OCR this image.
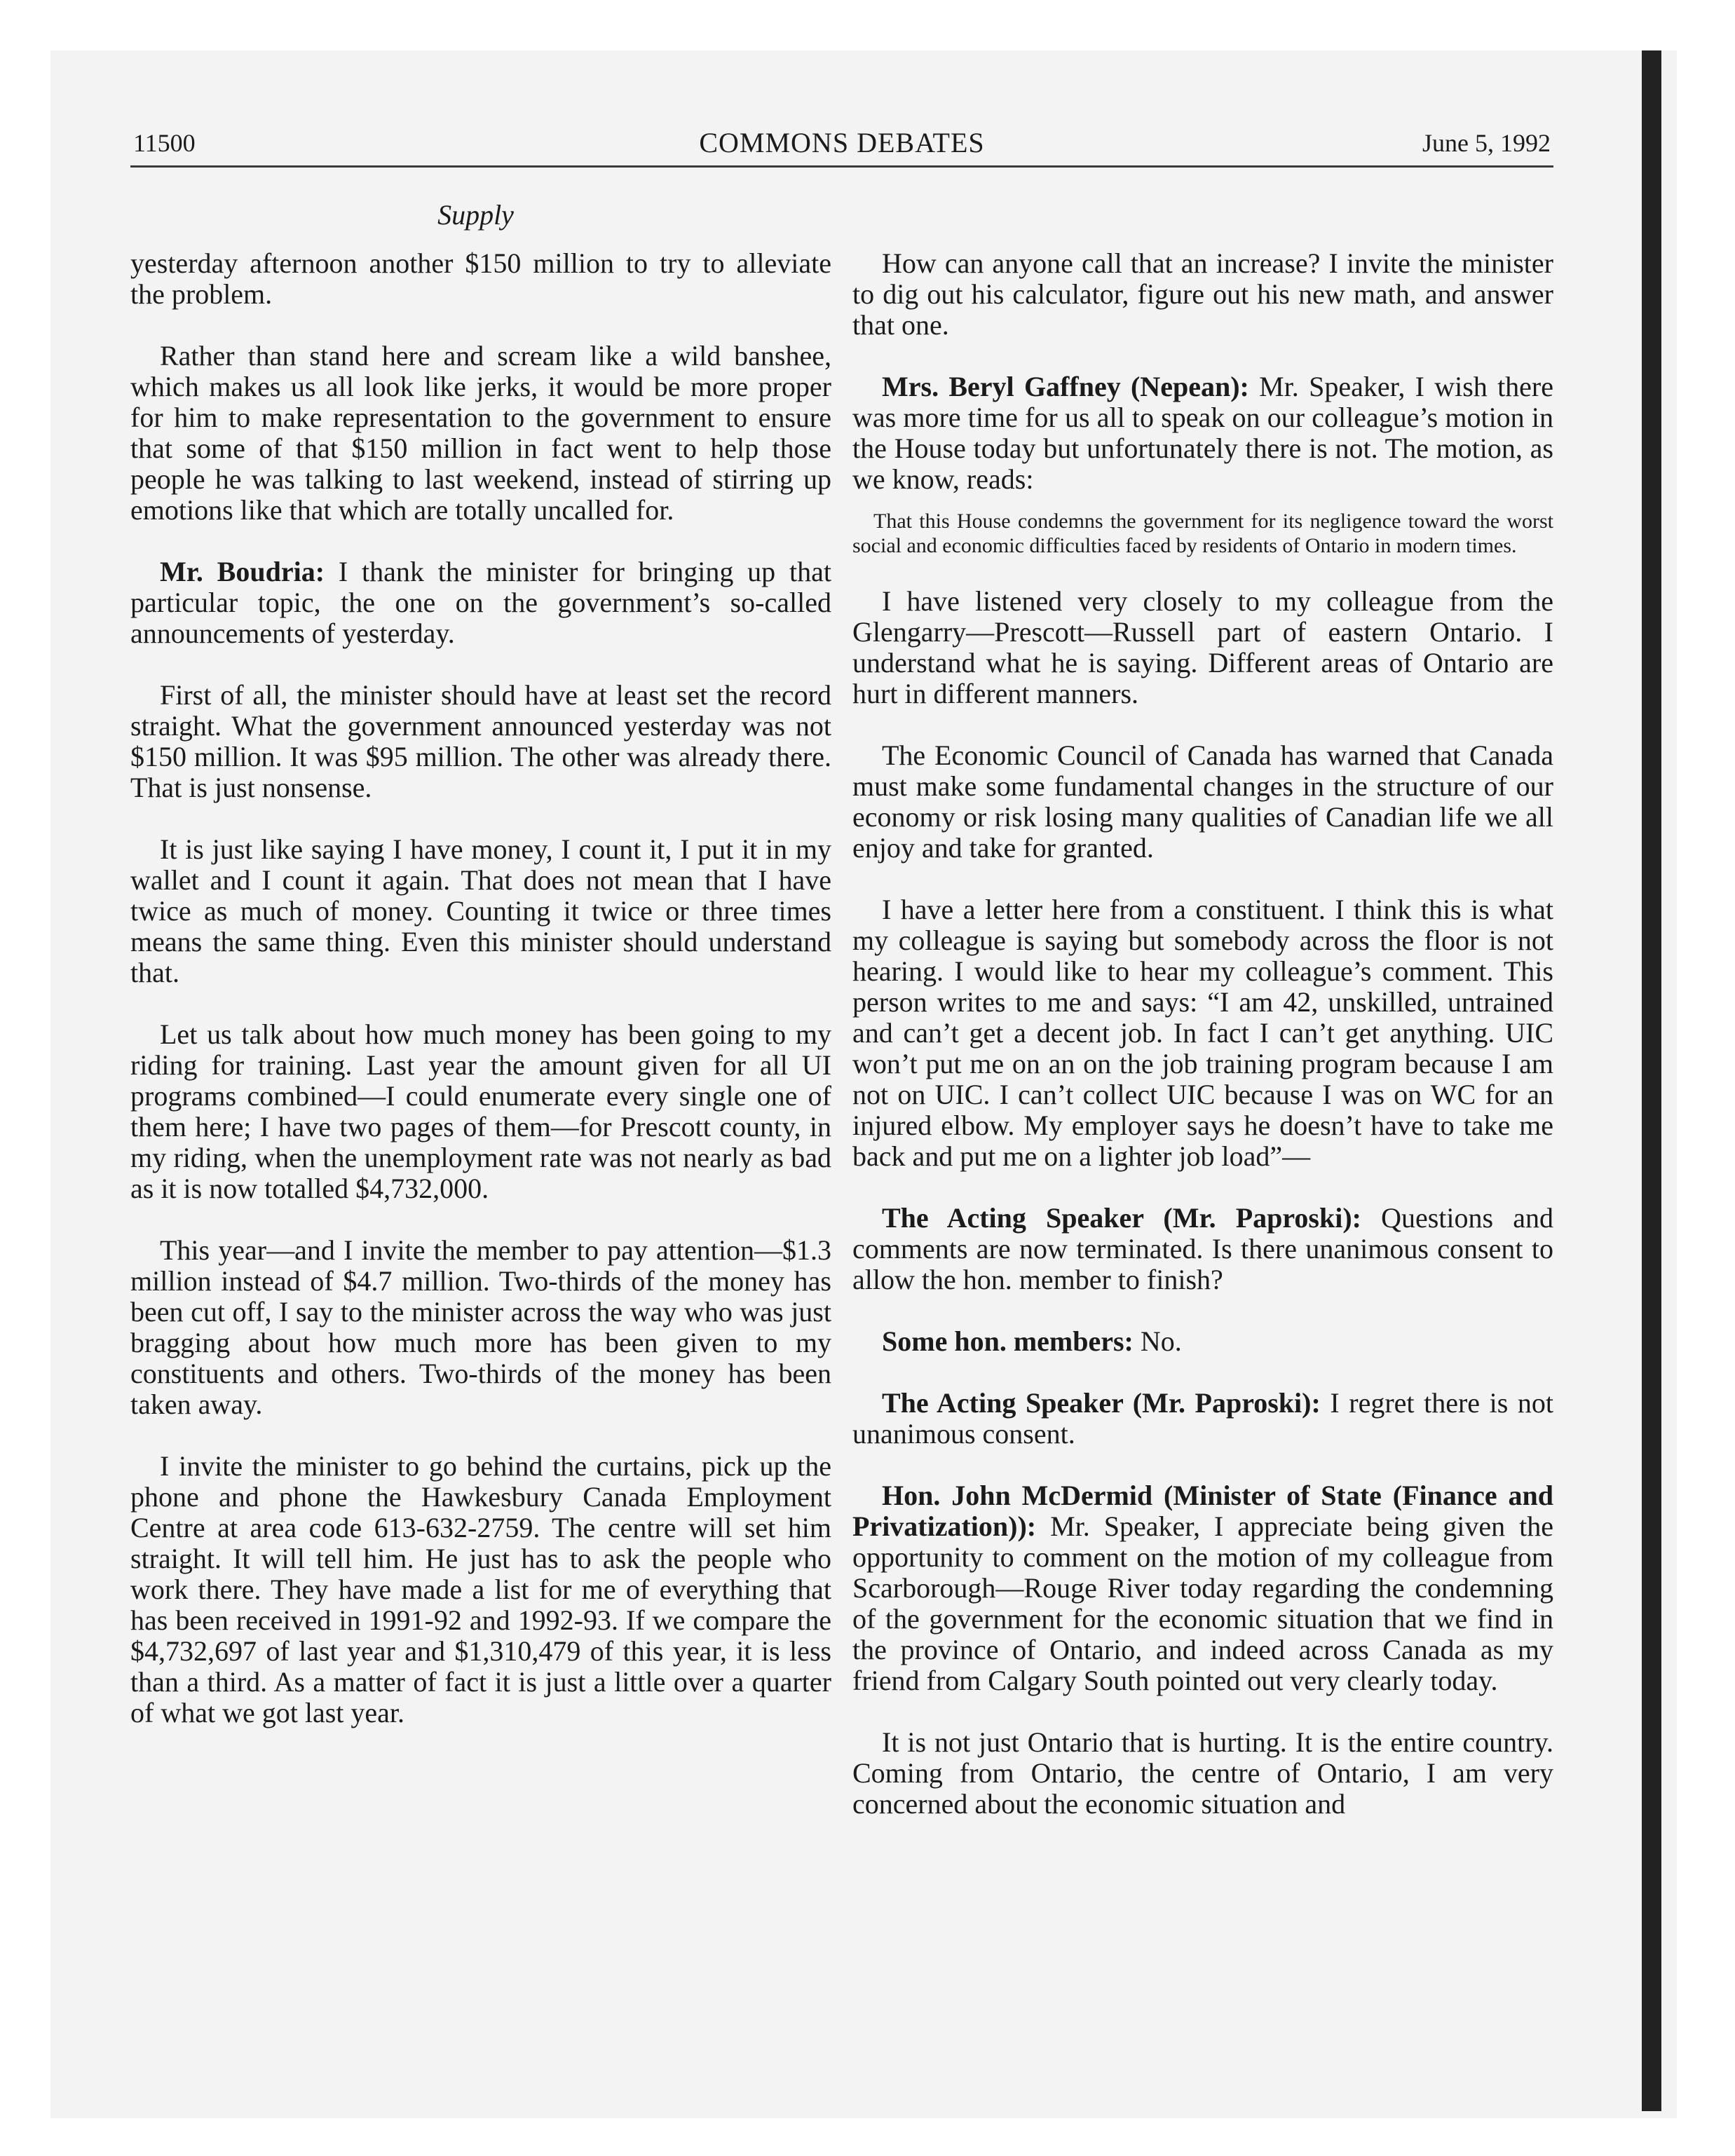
11500	COMMONS DEBATES	June 5, 1992
Supply

yesterday afternoon another $150 million to try to alleviate the problem.

Rather than stand here and scream like a wild banshee, which makes us all look like jerks, it would be more proper for him to make representation to the government to ensure that some of that $150 million in fact went to help those people he was talking to last weekend, instead of stirring up emotions like that which are totally uncalled for.

Mr. Boudria: I thank the minister for bringing up that particular topic, the one on the government’s so-called announcements of yesterday.

First of all, the minister should have at least set the record straight. What the government announced yesterday was not $150 million. It was $95 million. The other was already there. That is just nonsense.

It is just like saying I have money, I count it, I put it in my wallet and I count it again. That does not mean that I have twice as much of money. Counting it twice or three times means the same thing. Even this minister should understand that.

Let us talk about how much money has been going to my riding for training. Last year the amount given for all UI programs combined—I could enumerate every single one of them here; I have two pages of them—for Prescott county, in my riding, when the unemployment rate was not nearly as bad as it is now totalled $4,732,000.

This year—and I invite the member to pay attention—$1.3 million instead of $4.7 million. Two-thirds of the money has been cut off, I say to the minister across the way who was just bragging about how much more has been given to my constituents and others. Two-thirds of the money has been taken away.

I invite the minister to go behind the curtains, pick up the phone and phone the Hawkesbury Canada Employment Centre at area code 613-632-2759. The centre will set him straight. It will tell him. He just has to ask the people who work there. They have made a list for me of everything that has been received in 1991-92 and 1992-93. If we compare the $4,732,697 of last year and $1,310,479 of this year, it is less than a third. As a matter of fact it is just a little over a quarter of what we got last year.

How can anyone call that an increase? I invite the minister to dig out his calculator, figure out his new math, and answer that one.

Mrs. Beryl Gaffney (Nepean): Mr. Speaker, I wish there was more time for us all to speak on our colleague’s motion in the House today but unfortunately there is not. The motion, as we know, reads:

That this House condemns the government for its negligence toward the worst social and economic difficulties faced by residents of Ontario in modern times.

I have listened very closely to my colleague from the Glengarry—Prescott—Russell part of eastern Ontario. I understand what he is saying. Different areas of Ontario are hurt in different manners.

The Economic Council of Canada has warned that Canada must make some fundamental changes in the structure of our economy or risk losing many qualities of Canadian life we all enjoy and take for granted.

I have a letter here from a constituent. I think this is what my colleague is saying but somebody across the floor is not hearing. I would like to hear my colleague’s comment. This person writes to me and says: “I am 42, unskilled, untrained and can’t get a decent job. In fact I can’t get anything. UIC won’t put me on an on the job training program because I am not on UIC. I can’t collect UIC because I was on WC for an injured elbow. My employer says he doesn’t have to take me back and put me on a lighter job load”—

The Acting Speaker (Mr. Paproski): Questions and comments are now terminated. Is there unanimous consent to allow the hon. member to finish?

Some hon. members: No.

The Acting Speaker (Mr. Paproski): I regret there is not unanimous consent.

Hon. John McDermid (Minister of State (Finance and Privatization)): Mr. Speaker, I appreciate being given the opportunity to comment on the motion of my colleague from Scarborough—Rouge River today regarding the condemning of the government for the economic situation that we find in the province of Ontario, and indeed across Canada as my friend from Calgary South pointed out very clearly today.

It is not just Ontario that is hurting. It is the entire country. Coming from Ontario, the centre of Ontario, I am very concerned about the economic situation and
